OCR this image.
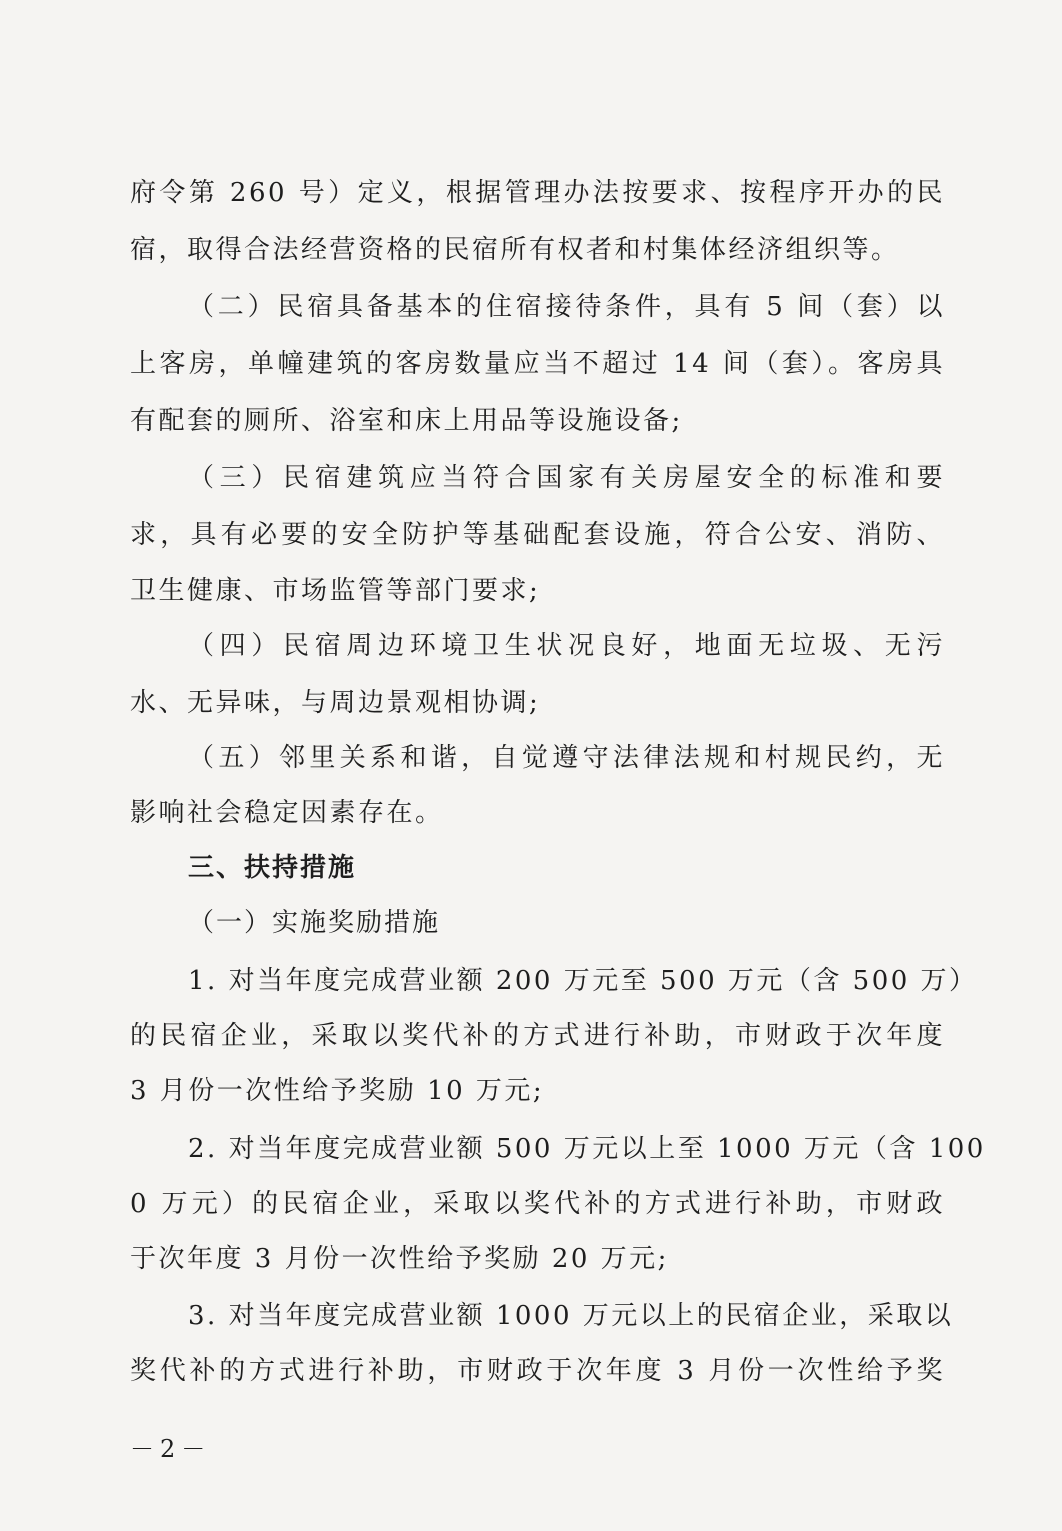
府令第 260 号）定义，根据管理办法按要求、按程序开办的民
宿，取得合法经营资格的民宿所有权者和村集体经济组织等。
（二）民宿具备基本的住宿接待条件，具有 5 间（套）以
上客房，单幢建筑的客房数量应当不超过 14 间（套）。客房具
有配套的厕所、浴室和床上用品等设施设备;
（三）民宿建筑应当符合国家有关房屋安全的标准和要
求，具有必要的安全防护等基础配套设施，符合公安、消防、
卫生健康、市场监管等部门要求;
（四）民宿周边环境卫生状况良好，地面无垃圾、无污
水、无异味，与周边景观相协调;
（五）邻里关系和谐，自觉遵守法律法规和村规民约，无
影响社会稳定因素存在。
三、扶持措施
（一）实施奖励措施
1. 对当年度完成营业额 200 万元至 500 万元（含 500 万）
的民宿企业，采取以奖代补的方式进行补助，市财政于次年度
3 月份一次性给予奖励 10 万元;
2. 对当年度完成营业额 500 万元以上至 1000 万元（含 100
0 万元）的民宿企业，采取以奖代补的方式进行补助，市财政
于次年度 3 月份一次性给予奖励 20 万元;
3. 对当年度完成营业额 1000 万元以上的民宿企业，采取以
奖代补的方式进行补助，市财政于次年度 3 月份一次性给予奖
－2－
